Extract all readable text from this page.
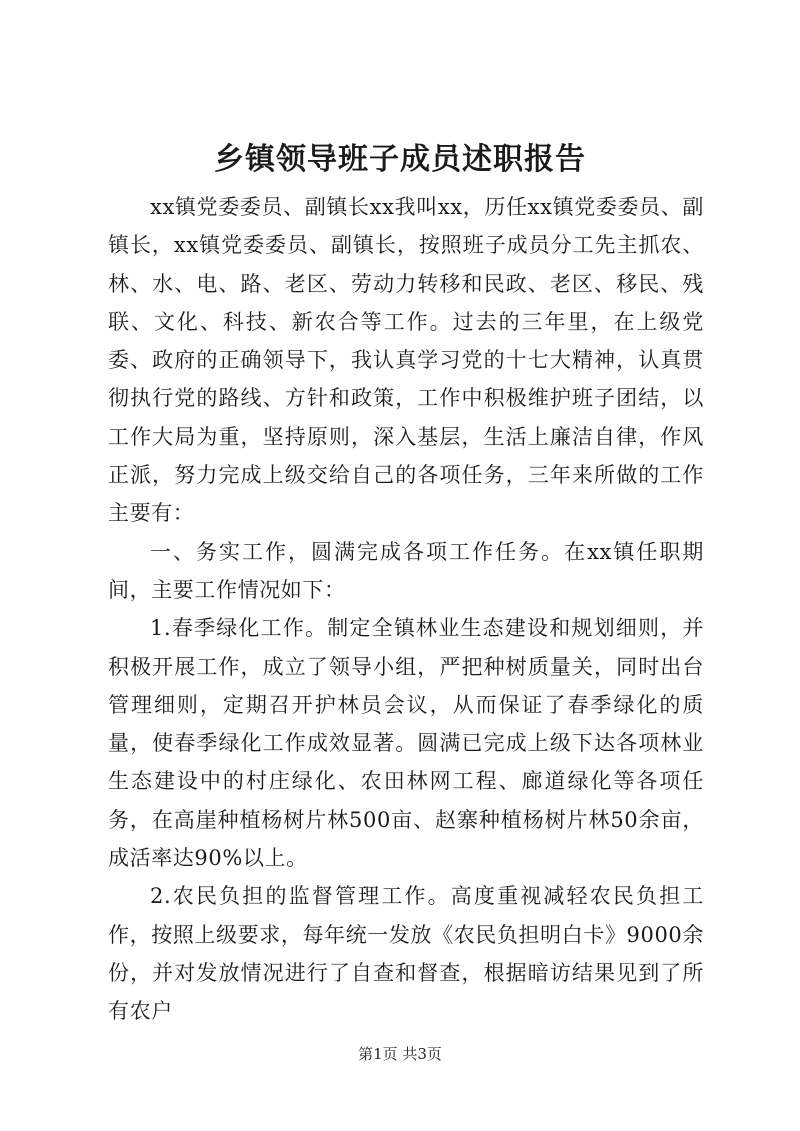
乡镇领导班子成员述职报告

xx镇党委委员、副镇长xx我叫xx，历任xx镇党委委员、副镇长，xx镇党委委员、副镇长，按照班子成员分工先主抓农、林、水、电、路、老区、劳动力转移和民政、老区、移民、残联、文化、科技、新农合等工作。过去的三年里，在上级党委、政府的正确领导下，我认真学习党的十七大精神，认真贯彻执行党的路线、方针和政策，工作中积极维护班子团结，以工作大局为重，坚持原则，深入基层，生活上廉洁自律，作风正派，努力完成上级交给自己的各项任务，三年来所做的工作主要有：

一、务实工作，圆满完成各项工作任务。在xx镇任职期间，主要工作情况如下：

1.春季绿化工作。制定全镇林业生态建设和规划细则，并积极开展工作，成立了领导小组，严把种树质量关，同时出台管理细则，定期召开护林员会议，从而保证了春季绿化的质量，使春季绿化工作成效显著。圆满已完成上级下达各项林业生态建设中的村庄绿化、农田林网工程、廊道绿化等各项任务，在高崖种植杨树片林500亩、赵寨种植杨树片林50余亩，成活率达90%以上。

2.农民负担的监督管理工作。高度重视减轻农民负担工作，按照上级要求，每年统一发放《农民负担明白卡》9000余份，并对发放情况进行了自查和督查，根据暗访结果见到了所有农户

第1页 共3页
